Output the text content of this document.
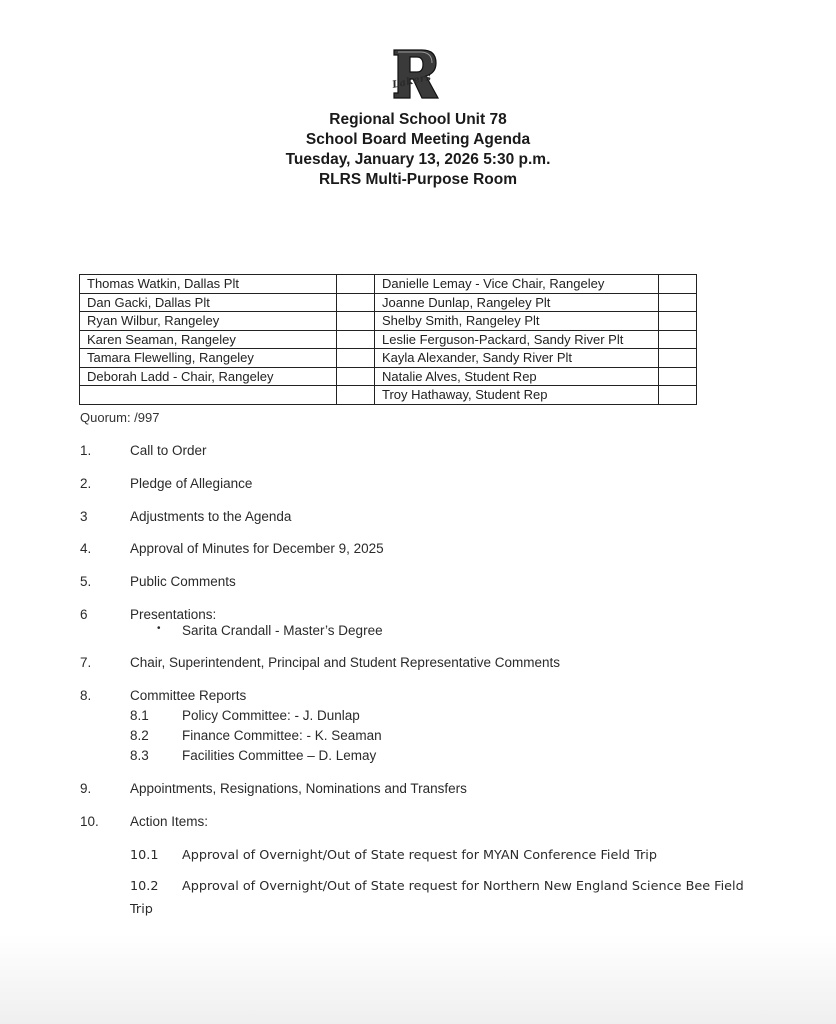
Lakers
Regional School Unit 78
School Board Meeting Agenda
Tuesday, January 13, 2026 5:30 p.m.
RLRS Multi-Purpose Room
Thomas Watkin, Dallas Plt		Danielle Lemay - Vice Chair, Rangeley	
Dan Gacki, Dallas Plt		Joanne Dunlap, Rangeley Plt	
Ryan Wilbur, Rangeley		Shelby Smith, Rangeley Plt	
Karen Seaman, Rangeley		Leslie Ferguson-Packard, Sandy River Plt	
Tamara Flewelling, Rangeley		Kayla Alexander, Sandy River Plt	
Deborah Ladd - Chair, Rangeley		Natalie Alves, Student Rep	
		Troy Hathaway, Student Rep	
Quorum: /997
1.	Call to Order
2.	Pledge of Allegiance
3	Adjustments to the Agenda
4.	Approval of Minutes for December 9, 2025
5.	Public Comments
6	Presentations:
• Sarita Crandall - Master’s Degree
7.	Chair, Superintendent, Principal and Student Representative Comments
8.	Committee Reports
8.1 Policy Committee: - J. Dunlap
8.2 Finance Committee: - K. Seaman
8.3 Facilities Committee – D. Lemay
9.	Appointments, Resignations, Nominations and Transfers
10. Action Items:
10.1 Approval of Overnight/Out of State request for MYAN Conference Field Trip
10.2 Approval of Overnight/Out of State request for Northern New England Science Bee Field
Trip
